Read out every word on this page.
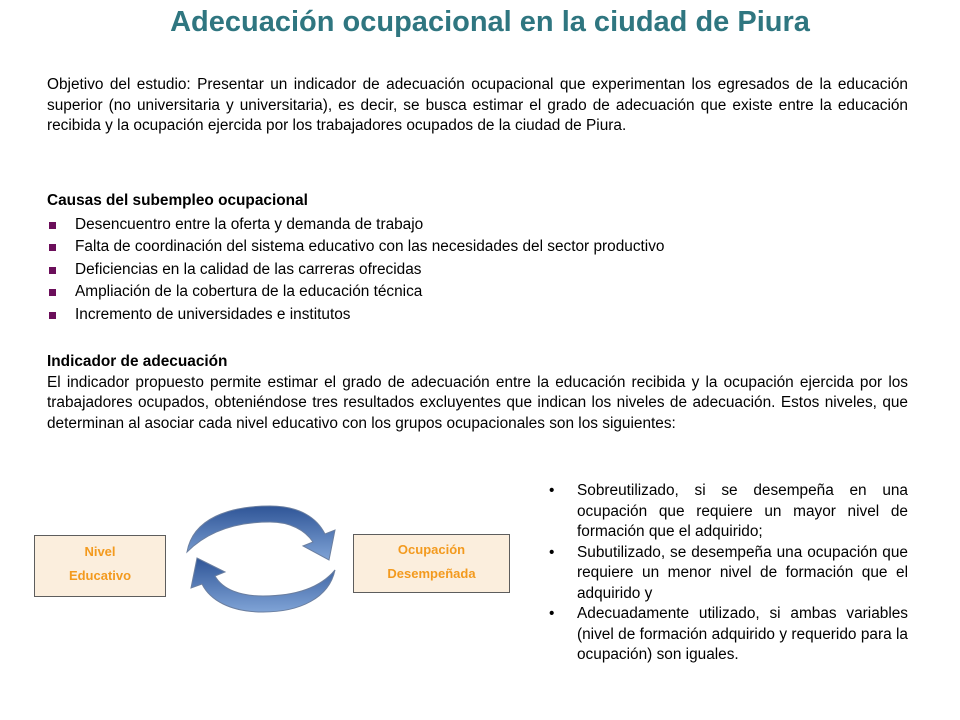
Adecuación ocupacional en la ciudad de Piura
Objetivo del estudio: Presentar un indicador de adecuación ocupacional que experimentan los egresados de la educación superior (no universitaria y universitaria), es decir, se busca estimar el grado de adecuación que existe entre la educación recibida y la ocupación ejercida por los trabajadores ocupados de la ciudad de Piura.
Causas del subempleo ocupacional
Desencuentro entre la oferta y demanda de trabajo
Falta de coordinación del sistema educativo con las necesidades del sector productivo
Deficiencias en la calidad de las carreras ofrecidas
Ampliación de la cobertura de la educación técnica
Incremento de universidades e institutos
Indicador de adecuación
El indicador propuesto permite estimar el grado de adecuación entre la educación recibida y la ocupación ejercida por los trabajadores ocupados, obteniéndose tres resultados excluyentes que indican los niveles de adecuación. Estos niveles, que determinan al asociar cada nivel educativo con los grupos ocupacionales son los siguientes:
Nivel
Educativo
Ocupación
Desempeñada
• Sobreutilizado, si se desempeña en una ocupación que requiere un mayor nivel de formación que el adquirido;
• Subutilizado, se desempeña una ocupación que requiere un menor nivel de formación que el adquirido y
• Adecuadamente utilizado, si ambas variables (nivel de formación adquirido y requerido para la ocupación) son iguales.
